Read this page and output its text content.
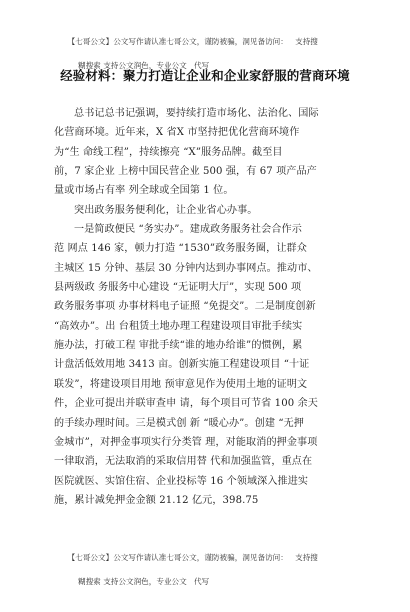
【七哥公文】公文写作请认准七哥公文，谨防被骗，洞见备访问：   支持搜

糊搜索 支持公文润色，专业公文   代写

经验材料：聚力打造让企业和企业家舒服的营商环境
总书记总书记强调，要持续打造市场化、法治化、国际
化营商环境。近年来，X 省X 市坚持把优化营商环境作
为“生 命线工程”，持续擦亮 “X”服务品牌。截至目
前，7 家企业 上榜中国民营企业 500 强，有 67 项产品产
量或市场占有率 列全球或全国第 1 位。
突出政务服务便利化，让企业省心办事。
一是简政便民 “务实办”。建成政务服务社会合作示
范 网点 146 家，顿力打造 “1530”政务服务圈，让群众
主城区 15 分钟、基层 30 分钟内达到办事网点。推动市、
县两级政 务服务中心建设 “无证明大厅”，实现 500 项
政务服务事项 办事材料电子证照 “免提交”。二是制度创新
“高效办”。出 台租赁土地办理工程建设项目审批手续实
施办法，打破工程 审批手续“谁的地办给谁”的惯例，累
计盘活低效用地 3413 亩。创新实施工程建设项目 “十证
联发”，将建设项目用地 预审意见作为使用土地的证明文
件，企业可提出并联审查申 请，每个项目可节省 100 余天
的手续办理时间。三是模式创 新 “暖心办”。创建 “无押
金城市”，对押金事项实行分类管 理，对能取消的押金事项
一律取消，无法取消的采取信用替 代和加强监管，重点在
医院就医、实馆住宿、企业投标等 16 个领域深入推进实
施，累计减免押金金额 21.12 亿元，398.75

【七哥公文】公文写作请认准七哥公文，谨防被骗，洞见备访问：   支持搜

糊搜索 支持公文润色，专业公文   代写
